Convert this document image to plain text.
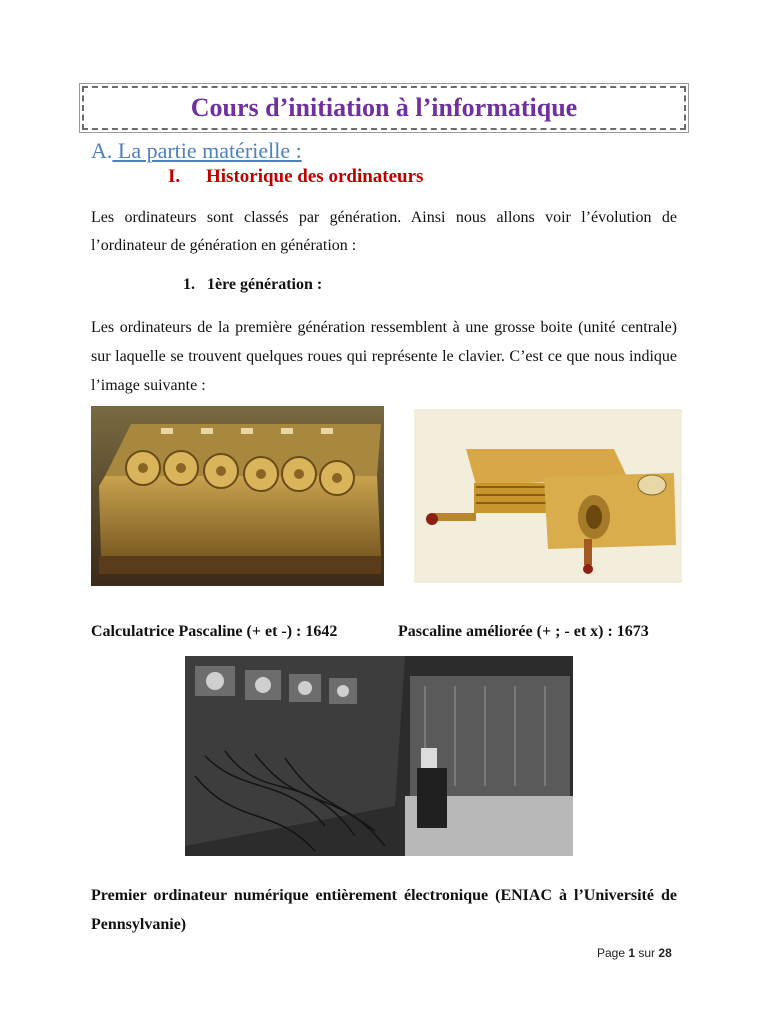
Cours d’initiation à l’informatique
A. La partie matérielle :
I. Historique des ordinateurs

Les ordinateurs sont classés par génération. Ainsi nous allons voir l’évolution de l’ordinateur de génération en génération :

1. 1ère génération :

Les ordinateurs de la première génération ressemblent à une grosse boite (unité centrale) sur laquelle se trouvent quelques roues qui représente le clavier. C’est ce que nous indique l’image suivante :

Calculatrice Pascaline (+ et -) : 1642	Pascaline améliorée (+ ; - et x) : 1673

Premier ordinateur numérique entièrement électronique (ENIAC à l’Université de Pennsylvanie)

Page 1 sur 28
